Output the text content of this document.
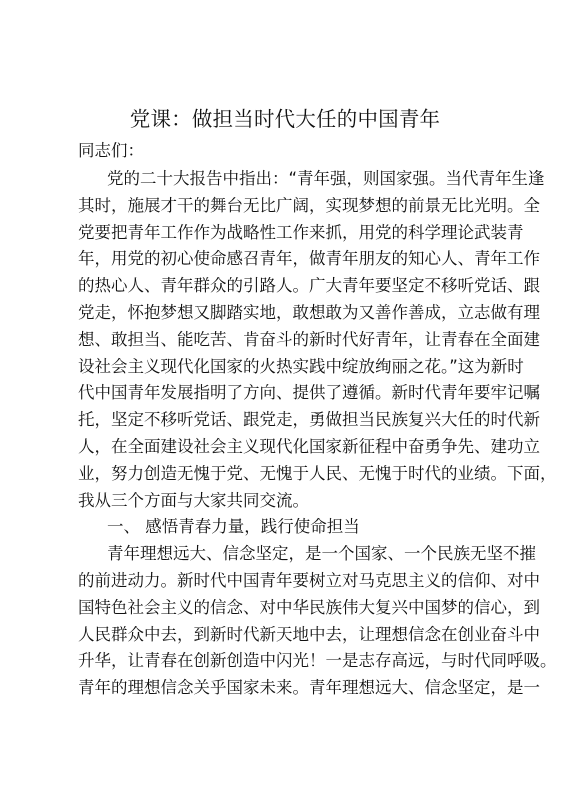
党课：做担当时代大任的中国青年
同志们：
党的二十大报告中指出：“青年强，则国家强。当代青年生逢
其时，施展才干的舞台无比广阔，实现梦想的前景无比光明。全
党要把青年工作作为战略性工作来抓，用党的科学理论武装青
年，用党的初心使命感召青年，做青年朋友的知心人、青年工作
的热心人、青年群众的引路人。广大青年要坚定不移听党话、跟
党走，怀抱梦想又脚踏实地，敢想敢为又善作善成，立志做有理
想、敢担当、能吃苦、肯奋斗的新时代好青年，让青春在全面建
设社会主义现代化国家的火热实践中绽放绚丽之花。”这为新时
代中国青年发展指明了方向、提供了遵循。新时代青年要牢记嘱
托，坚定不移听党话、跟党走，勇做担当民族复兴大任的时代新
人，在全面建设社会主义现代化国家新征程中奋勇争先、建功立
业，努力创造无愧于党、无愧于人民、无愧于时代的业绩。下面，
我从三个方面与大家共同交流。
一、 感悟青春力量，践行使命担当
青年理想远大、信念坚定，是一个国家、一个民族无坚不摧
的前进动力。新时代中国青年要树立对马克思主义的信仰、对中
国特色社会主义的信念、对中华民族伟大复兴中国梦的信心，到
人民群众中去，到新时代新天地中去，让理想信念在创业奋斗中
升华，让青春在创新创造中闪光！一是志存高远，与时代同呼吸。
青年的理想信念关乎国家未来。青年理想远大、信念坚定，是一
